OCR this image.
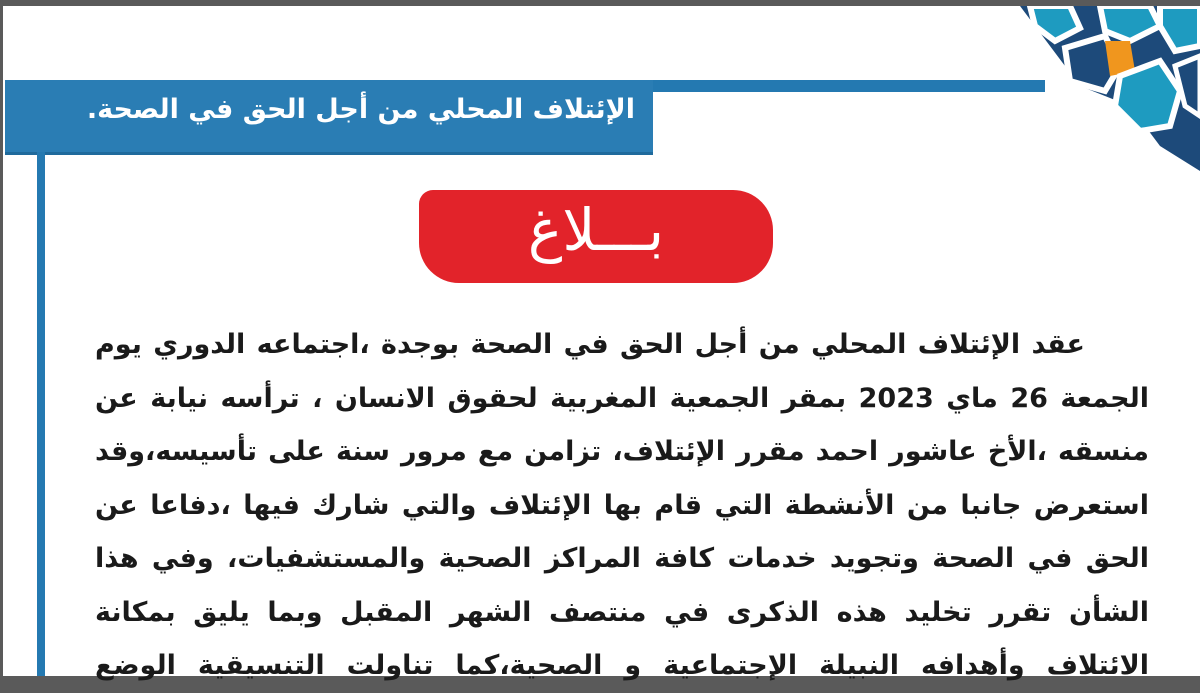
الإئتلاف المحلي من أجل الحق في الصحة.
بـــلاغ
عقد الإئتلاف المحلي من أجل الحق في الصحة بوجدة ،اجتماعه الدوري يوم
الجمعة 26 ماي 2023 بمقر الجمعية المغربية لحقوق الانسان ، ترأسه نيابة عن
منسقه ،الأخ عاشور احمد مقرر الإئتلاف، تزامن مع مرور سنة على تأسيسه،وقد
استعرض جانبا من الأنشطة التي قام بها الإئتلاف والتي شارك فيها ،دفاعا عن
الحق في الصحة وتجويد خدمات كافة المراكز الصحية والمستشفيات، وفي هذا
الشأن تقرر تخليد هذه الذكرى في منتصف الشهر المقبل وبما يليق بمكانة
الائتلاف وأهدافه النبيلة الإجتماعية و الصحية،كما تناولت التنسيقية الوضع
